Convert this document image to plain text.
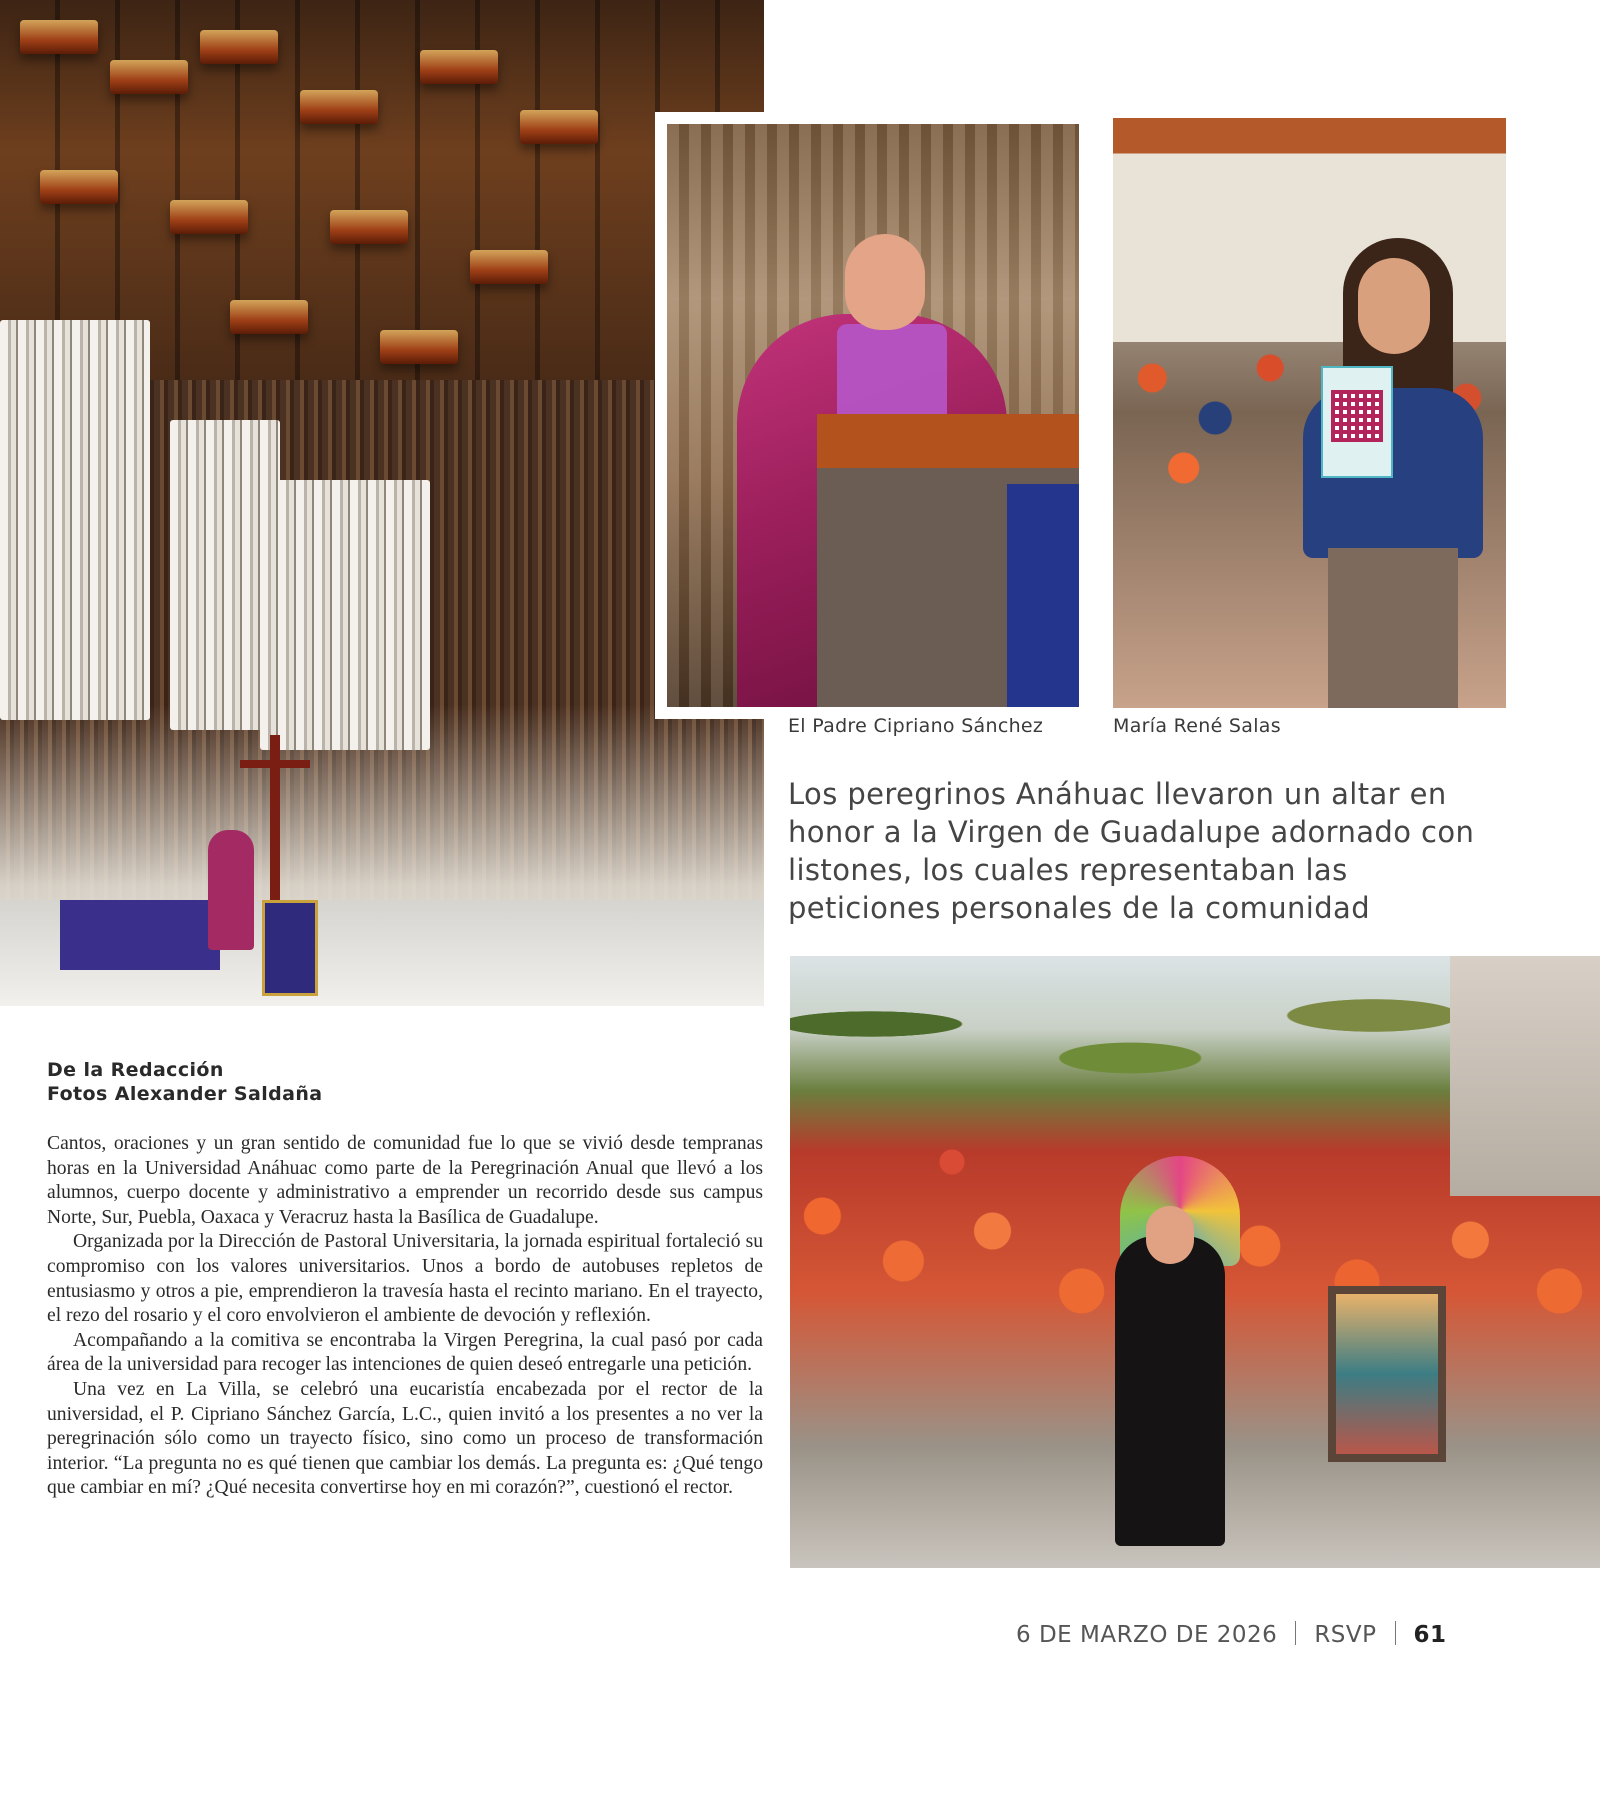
El Padre Cipriano Sánchez	María René Salas

Los peregrinos Anáhuac llevaron un altar en honor a la Virgen de Guadalupe adornado con listones, los cuales representaban las peticiones personales de la comunidad

De la Redacción
Fotos Alexander Saldaña

Cantos, oraciones y un gran sentido de comunidad fue lo que se vivió desde tempranas horas en la Universidad Anáhuac como parte de la Peregrinación Anual que llevó a los alumnos, cuerpo docente y administrativo a emprender un recorrido desde sus campus Norte, Sur, Puebla, Oaxaca y Veracruz hasta la Basílica de Guadalupe.

Organizada por la Dirección de Pastoral Universitaria, la jornada espiritual fortaleció su compromiso con los valores universitarios. Unos a bordo de autobuses repletos de entusiasmo y otros a pie, emprendieron la travesía hasta el recinto mariano. En el trayecto, el rezo del rosario y el coro envolvieron el ambiente de devoción y reflexión.

Acompañando a la comitiva se encontraba la Virgen Peregrina, la cual pasó por cada área de la universidad para recoger las intenciones de quien deseó entregarle una petición.

Una vez en La Villa, se celebró una eucaristía encabezada por el rector de la universidad, el P. Cipriano Sánchez García, L.C., quien invitó a los presentes a no ver la peregrinación sólo como un trayecto físico, sino como un proceso de transformación interior. “La pregunta no es qué tienen que cambiar los demás. La pregunta es: ¿Qué tengo que cambiar en mí? ¿Qué necesita convertirse hoy en mi corazón?”, cuestionó el rector.

6 DE MARZO DE 2026 RSVP 61
